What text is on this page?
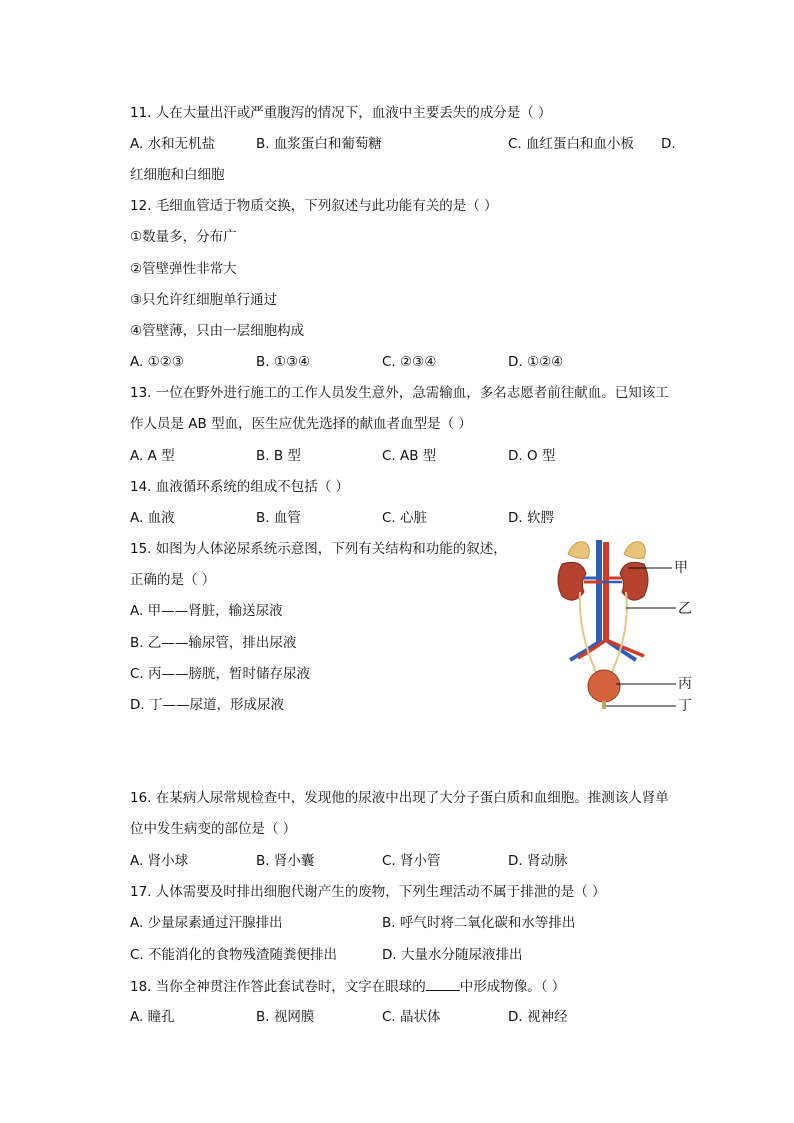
11. 人在大量出汗或严重腹泻的情况下，血液中主要丢失的成分是（ ）
A. 水和无机盐	B. 血浆蛋白和葡萄糖	C. 血红蛋白和血小板 D.
红细胞和白细胞
12. 毛细血管适于物质交换，下列叙述与此功能有关的是（ ）
①数量多，分布广
②管壁弹性非常大
③只允许红细胞单行通过
④管壁薄，只由一层细胞构成
A. ①②③	B. ①③④	C. ②③④	D. ①②④
13. 一位在野外进行施工的工作人员发生意外，急需输血，多名志愿者前往献血。已知该工
作人员是 AB 型血，医生应优先选择的献血者血型是（ ）
A. A 型	B. B 型	C. AB 型	D. O 型
14. 血液循环系统的组成不包括（ ）
A. 血液	B. 血管	C. 心脏	D. 软腭
15. 如图为人体泌尿系统示意图，下列有关结构和功能的叙述，
正确的是（ ）
A. 甲——肾脏，输送尿液
B. 乙——输尿管，排出尿液
C. 丙——膀胱，暂时储存尿液
D. 丁——尿道，形成尿液
甲
乙
丙
丁
16. 在某病人尿常规检查中，发现他的尿液中出现了大分子蛋白质和血细胞。推测该人肾单
位中发生病变的部位是（ ）
A. 肾小球	B. 肾小囊	C. 肾小管	D. 肾动脉
17. 人体需要及时排出细胞代谢产生的废物，下列生理活动不属于排泄的是（ ）
A. 少量尿素通过汗腺排出	B. 呼气时将二氧化碳和水等排出
C. 不能消化的食物残渣随粪便排出	D. 大量水分随尿液排出
18. 当你全神贯注作答此套试卷时，文字在眼球的	中形成物像。（ ）
A. 瞳孔	B. 视网膜	C. 晶状体	D. 视神经
